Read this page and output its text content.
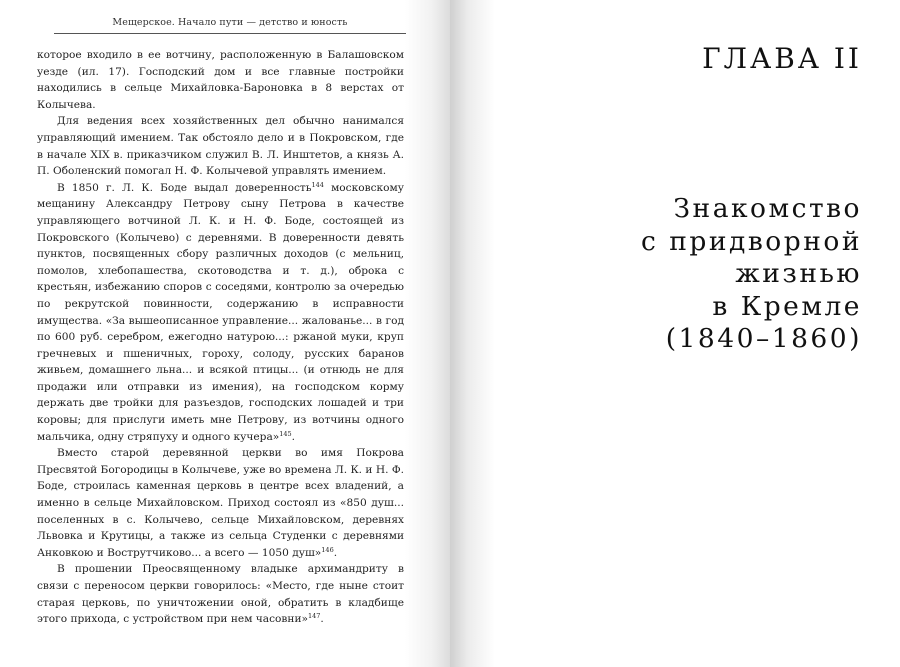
Мещерское. Начало пути — детство и юность

которое входило в ее вотчину, расположенную в Балашовском уезде (ил. 17). Господский дом и все главные постройки находились в сельце Михайловка-Бароновка в 8 верстах от Колычева.

Для ведения всех хозяйственных дел обычно нанимался управляющий имением. Так обстояло дело и в Покровском, где в начале XIX в. приказчиком служил В. Л. Инштетов, а князь А. П. Оболенский помогал Н. Ф. Колычевой управлять имением.

В 1850 г. Л. К. Боде выдал доверенность$^{144}$ московскому мещанину Александру Петрову сыну Петрова в качестве управляющего вотчиной Л. К. и Н. Ф. Боде, состоящей из Покровского (Колычево) с деревнями. В доверенности девять пунктов, посвященных сбору различных доходов (с мельниц, помолов, хлебопашества, скотоводства и т. д.), оброка с крестьян, избежанию споров с соседями, контролю за очередью по рекрутской повинности, содержанию в исправности имущества. «За вышеописанное управление... жалованье... в год по 600 руб. серебром, ежегодно натурою...: ржаной муки, круп гречневых и пшеничных, гороху, солоду, русских баранов живьем, домашнего льна... и всякой птицы... (и отнюдь не для продажи или отправки из имения), на господском корму держать две тройки для разъездов, господских лошадей и три коровы; для прислуги иметь мне Петрову, из вотчины одного мальчика, одну стряпуху и одного кучера»$^{145}$.

Вместо старой деревянной церкви во имя Покрова Пресвятой Богородицы в Колычеве, уже во времена Л. К. и Н. Ф. Боде, строилась каменная церковь в центре всех владений, а именно в сельце Михайловском. Приход состоял из «850 душ... поселенных в с. Колычево, сельце Михайловском, деревнях Львовка и Крутицы, а также из сельца Студенки с деревнями Анковкою и Вострутчиково... а всего — 1050 душ»$^{146}$.

В прошении Преосвященному владыке архимандриту в связи с переносом церкви говорилось: «Место, где ныне стоит старая церковь, по уничтожении оной, обратить в кладбище этого прихода, с устройством при нем часовни»$^{147}$.

ГЛАВА II
Знакомство
с придворной
жизнью
в Кремле
(1840–1860)
